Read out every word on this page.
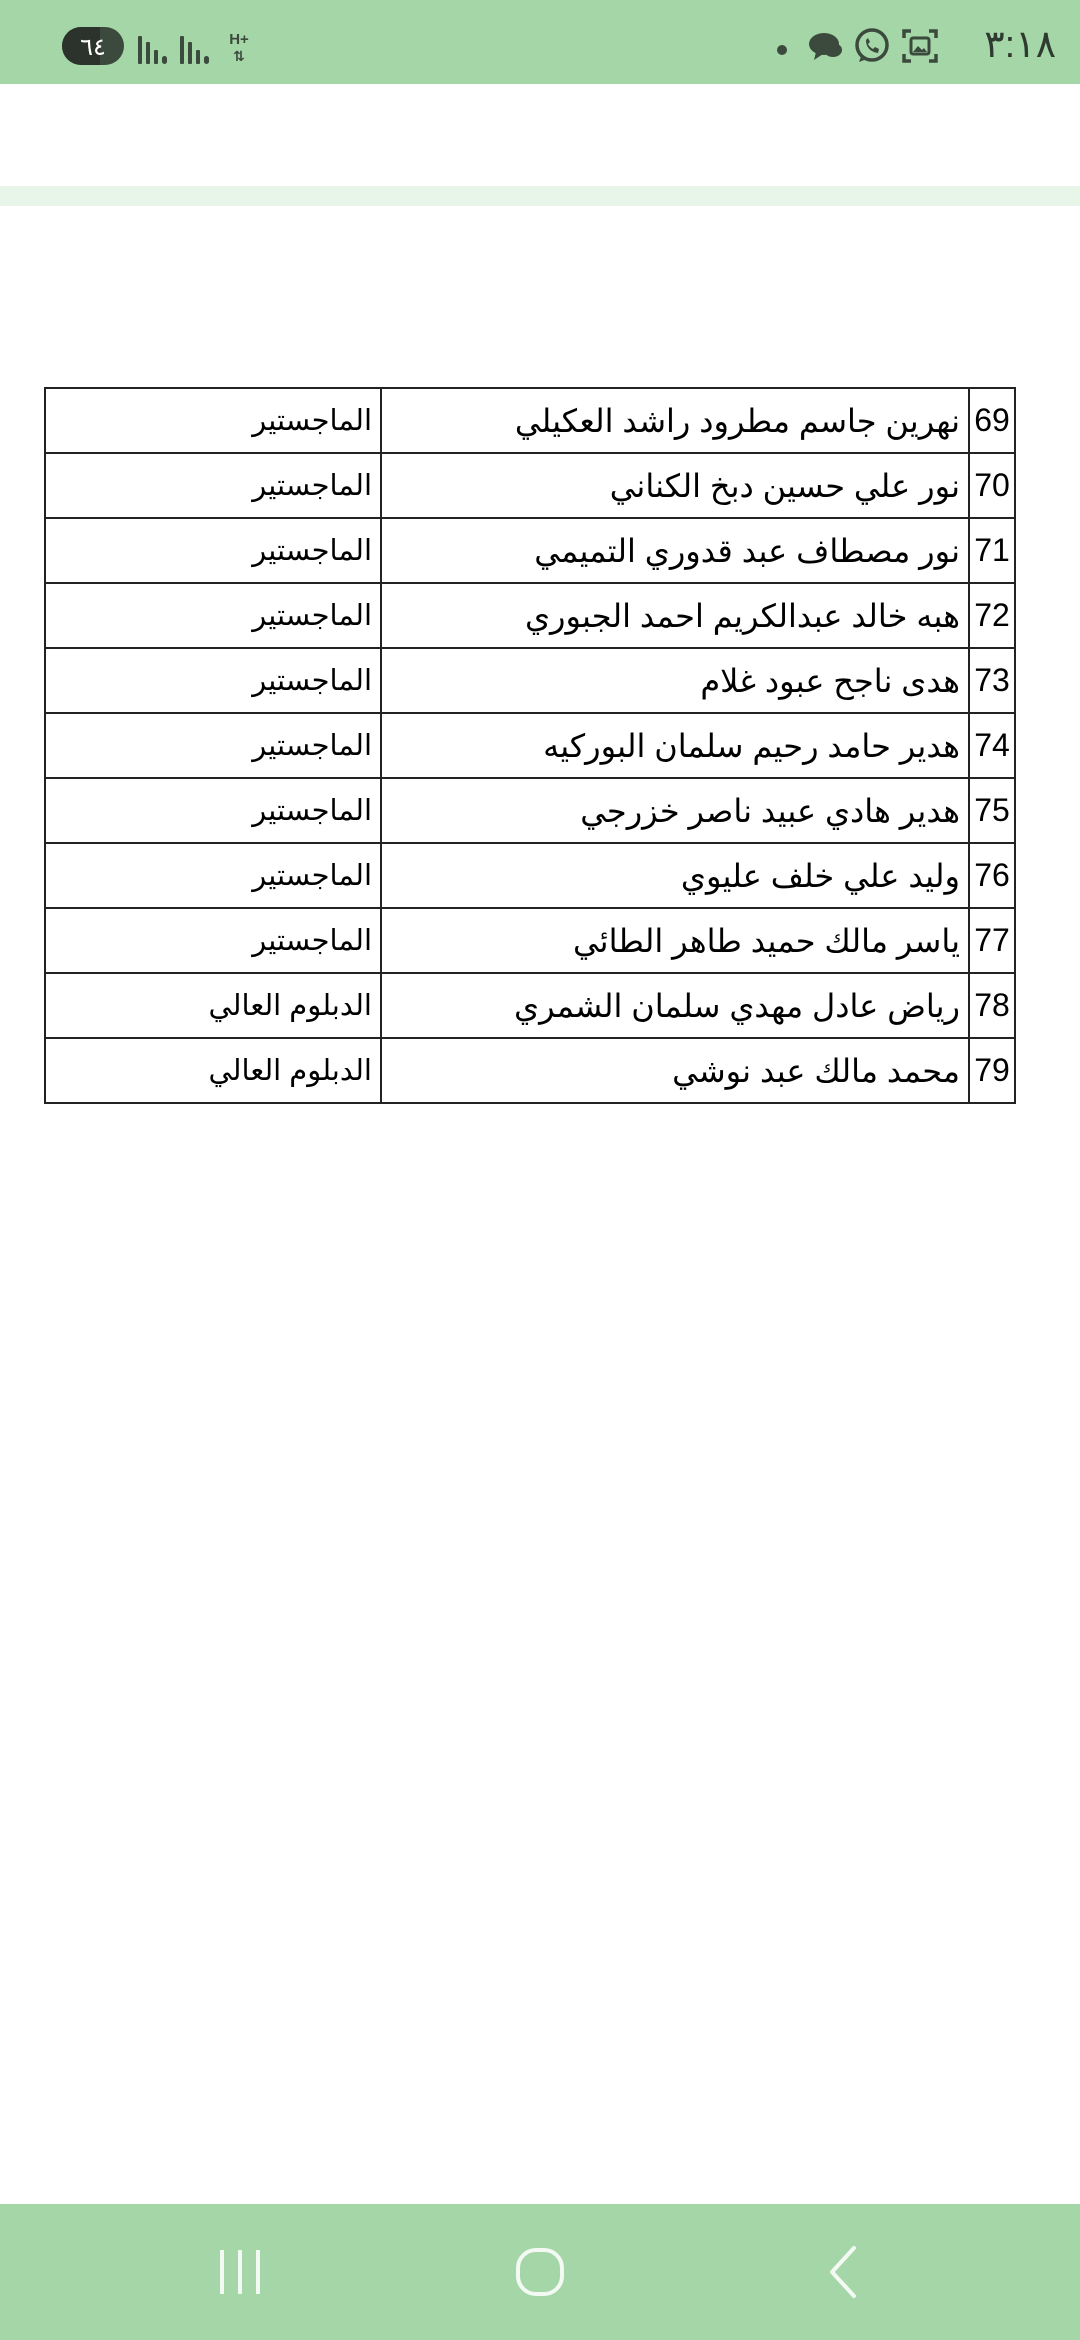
٦٤	H+
⇅	٣:١٨
69	نهرين جاسم مطرود راشد العكيلي	الماجستير
70	نور علي حسين دبخ الكناني	الماجستير
71	نور مصطاف عبد قدوري التميمي	الماجستير
72	هبه خالد عبدالكريم احمد الجبوري	الماجستير
73	هدى ناجح عبود غلام	الماجستير
74	هدير حامد رحيم سلمان البوركيه	الماجستير
75	هدير هادي عبيد ناصر خزرجي	الماجستير
76	وليد علي خلف عليوي	الماجستير
77	ياسر مالك حميد طاهر الطائي	الماجستير
78	رياض عادل مهدي سلمان الشمري	الدبلوم العالي
79	محمد مالك عبد نوشي	الدبلوم العالي
